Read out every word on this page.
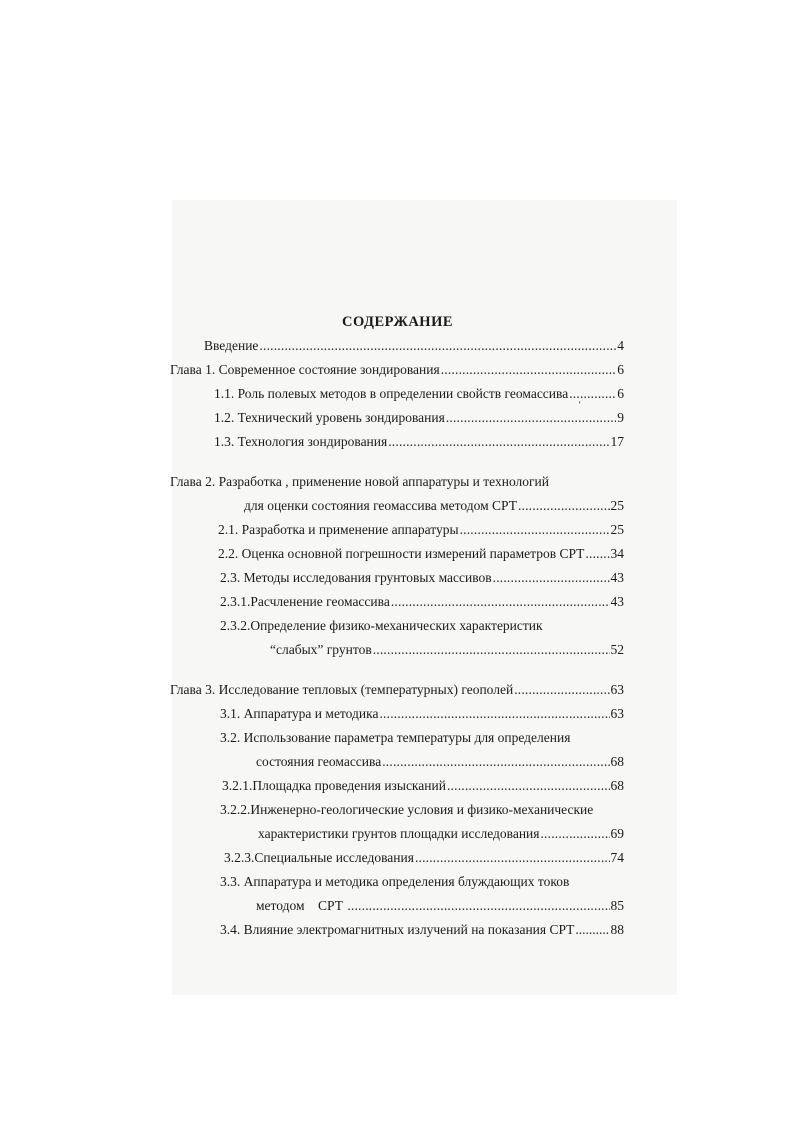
СОДЕРЖАНИЕ
Введение .....	4
Глава 1. Современное состояние зондирования .....	6
1.1. Роль полевых методов в определении свойств геомассива .....	6
1.2. Технический уровень зондирования .....	9
ʻ
1.3. Технология зондирования .....	17
Глава 2. Разработка , применение новой аппаратуры и технологий
для оценки состояния геомассива методом СРТ .....	25
2.1. Разработка и применение аппаратуры .....	25
2.2. Оценка основной погрешности измерений параметров СРТ ..... 34
2.3. Методы исследования грунтовых массивов .....	43
2.3.1.Расчленение геомассива .....	43
2.3.2.Определение физико-механических характеристик
“слабых” грунтов .....	52
Глава 3. Исследование тепловых (температурных) геополей .....	63
3.1. Аппаратура и методика .....	63
3.2. Использование параметра температуры для определения
состояния геомассива .....	68
3.2.1.Площадка проведения изысканий .....	68
3.2.2.Инженерно-геологические условия и физико-механические
характеристики грунтов площадки исследования .....	69
3.2.3.Специальные исследования .....	74
3.3. Аппаратура и методика определения блуждающих токов
методом    СРТ .....	85
3.4. Влияние электромагнитных излучений на показания СРТ .....	88
